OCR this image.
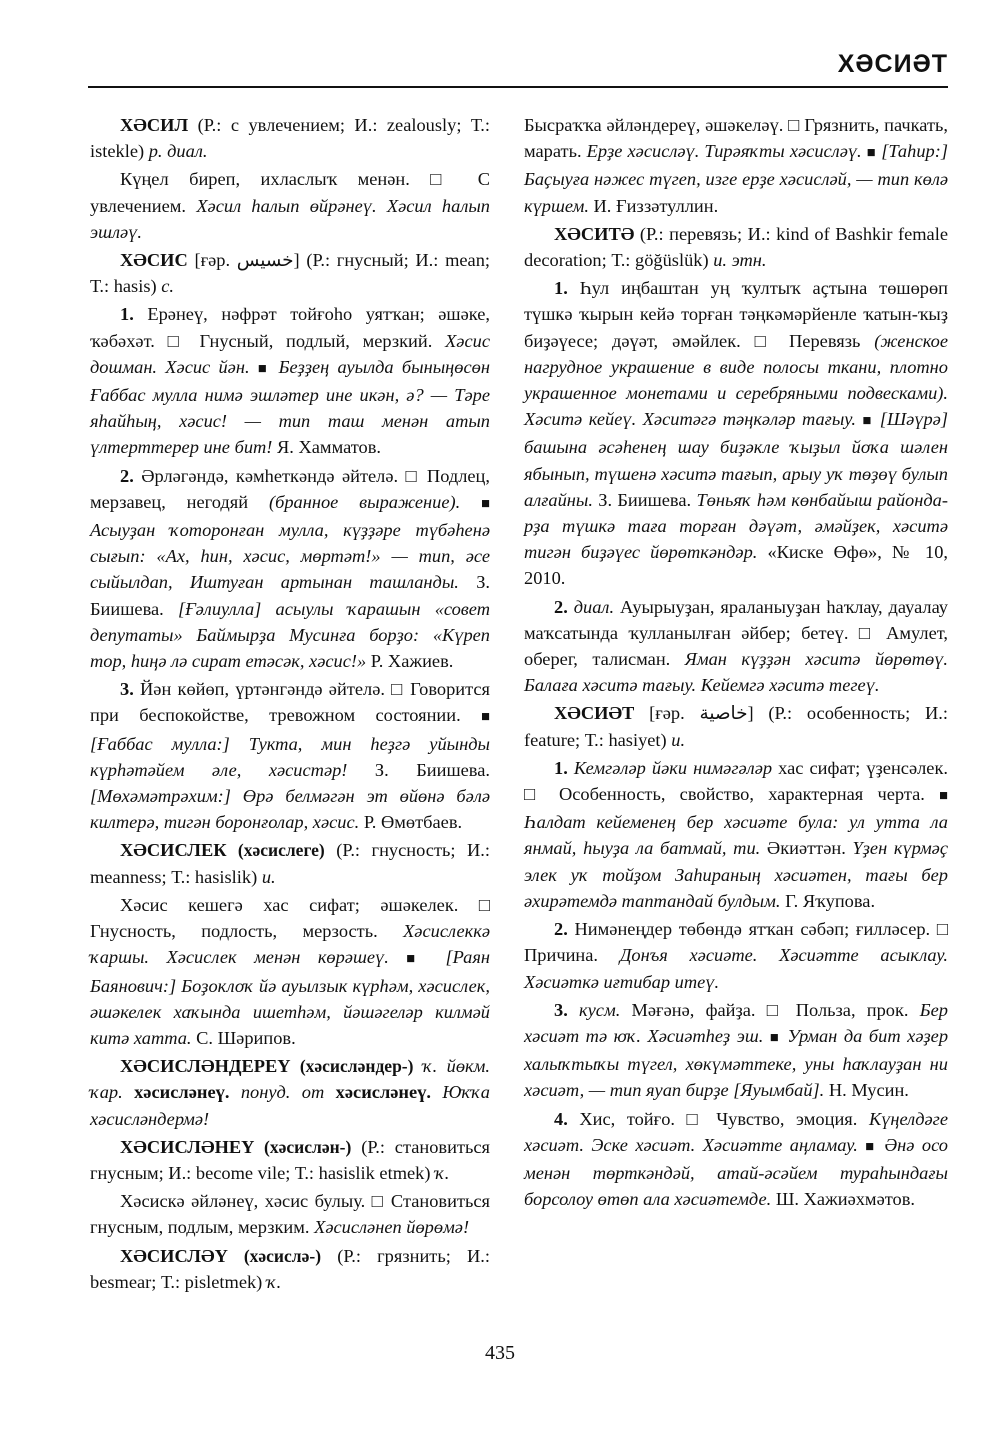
ХӘСИӘТ

ХӘСИЛ (Р.: с увлечением; И.: zealously; Т.: istekle) р. диал.

Күңел биреп, ихласлыҡ менән. □ С увлечением. Хәсил һалып өйрәнеү. Хәсил һалып эшләү.

ХӘСИС [ғәр. خسيس] (Р.: гнусный; И.: mean; Т.: hasis) с.

1. Ерәнеү, нәфрәт тойғоһо уятҡан; әшәке, ҡәбәхәт. □ Гнусный, подлый, мерзкий. Хәсис дошман. Хәсис йән. ■ Беҙҙең ауылда быныңөсөн Ғаббас мулла нимә эшләтер ине икән, ә? — Тәре яһайһың, хәсис! — тип таш менән атып үлтерттерер ине бит! Я. Хамматов.

2. Әрләгәндә, кәмһеткәндә әйтелә. □ Подлец, мерзавец, негодяй (бранное выражение). ■ Асыуҙан ҡоторонған мулла, күҙҙәре түбәһенә сығып: «Ах, һин, хәсис, мөртәт!» — тип, әсе сыйылдап, Иштуған артынан ташланды. З. Биишева. [Ғәлиулла] асыулы ҡарашын «совет депутаты» Баймырҙа Мусинға борҙо: «Күреп тор, һиңә лә сират етәсәк, хәсис!» Р. Хажиев.

3. Йән көйөп, үртәнгәндә әйтелә. □ Говорится при беспокойстве, тревожном состоянии. ■ [Ғаббас мулла:] Тукта, мин һеҙгә уйынды күрһәтәйем әле, хәсистәр! З. Биишева. [Мөхәмәтрәхим:] Өрә белмәгән эт өйөнә бәлә килтерә, тигән боронғолар, хәсис. Р. Өмөтбаев.

ХӘСИСЛЕК (хәсислеге) (Р.: гнусность; И.: meanness; Т.: hasislik) и.

Хәсис кешегә хас сифат; әшәкелек. □ Гнусность, подлость, мерзость. Хәсислеккә ҡаршы. Хәсислек менән көрәшеү. ■ [Раян Баянович:] Боҙоклоҡ йә ауылзык күрһәм, хәсислек, әшәкелек хаҡында ишетһәм, йәшәгеләр килмәй китә хатта. С. Шәрипов.

ХӘСИСЛӘНДЕРЕҮ (хәсисләндер-) ҡ. йөкм. ҡар. хәсисләнеү. понуд. от хәсисләнеү. Юҡҡа хәсисләндермә!

ХӘСИСЛӘНЕҮ (хәсислән-) (Р.: становиться гнусным; И.: become vile; Т.: hasislik etmek) ҡ.

Хәсискә әйләнеү, хәсис булыу. □ Становиться гнусным, подлым, мерзким. Хәсисләнеп йөрөмә!

ХӘСИСЛӘҮ (хәсислә-) (Р.: грязнить; И.: besmear; Т.: pisletmek) ҡ.

Бысраҡҡа әйләндереү, әшәкеләү. □ Грязнить, пачкать, марать. Ерҙе хәсисләү. Тирәяҡты хәсисләү. ■ [Таһир:] Баҫыуға нәжес түгеп, изге ерҙе хәсисләй, — тип көлә күршем. И. Ғиззәтуллин.

ХӘСИТӘ (Р.: перевязь; И.: kind of Bashkir female decoration; Т.: göğüslük) и. этн.

1. Һул иңбаштан уң ҡултыҡ аҫтына төшөрөп түшкә ҡырын кейә торған тәңкәмәрйенле ҡатын-ҡыҙ биҙәүесе; дәүәт, әмәйлек. □ Перевязь (женское нагрудное украшение в виде полосы ткани, плотно украшенное монетами и серебряными подвесками). Хәситә кейеү. Хәситәгә тәңкәләр тағыу. ■ [Шәүрә] башына әсәһенең шау биҙәкле ҡыҙыл йоҡа шәлен ябынып, түшенә хәситә тағып, арыу уҡ төҙөү булып алғайны. З. Биишева. Төньяҡ һәм көнбайыш райондарҙа түшкә таға торған дәүәт, әмәйҙек, хәситә тигән биҙәүес йөрөткәндәр. «Киске Өфө», № 10, 2010.

2. диал. Ауырыуҙан, яраланыуҙан һаҡлау, дауалау маҡсатында ҡулланылған әйбер; бетеү. □ Амулет, оберег, талисман. Яман күҙҙән хәситә йөрөтөү. Балаға хәситә тағыу. Кейемгә хәситә тегеү.

ХӘСИӘТ [ғәр. خاصية] (Р.: особенность; И.: feature; Т.: hasiyet) и.

1. Кемгәләр йәки нимәгәләр хас сифат; үҙенсәлек. □ Особенность, свойство, характерная черта. ■ Һалдат кейеменең бер хәсиәте була: ул утта ла янмай, һыуҙа ла батмай, ти. Әкиәттән. Үҙен күрмәҫ элек уҡ тойҙом Заһираның хәсиәтен, тағы бер әхирәтемдә таптандай булдым. Г. Яҡупова.

2. Нимәнеңдер төбөндә ятҡан сәбәп; ғилләсер. □ Причина. Донъя хәсиәте. Хәсиәтте асыклау. Хәсиәткә иғтибар итеү.

3. кусм. Мәғәнә, файҙа. □ Польза, прок. Бер хәсиәт тә юҡ. Хәсиәтһеҙ эш. ■ Урман да бит хәҙер халыҡтыҡы түгел, хөкүмәттеке, уны һаҡлауҙан ни хәсиәт, — тип яуап бирҙе [Яуымбай]. Н. Мусин.

4. Хис, тойғо. □ Чувство, эмоция. Күңелдәге хәсиәт. Эске хәсиәт. Хәсиәтте аңламау. ■ Әнә осо менән төрткәндәй, атай-әсәйем тураһындағы борсолоу өтөп ала хәсиәтемде. Ш. Хажиәхмәтов.

435
